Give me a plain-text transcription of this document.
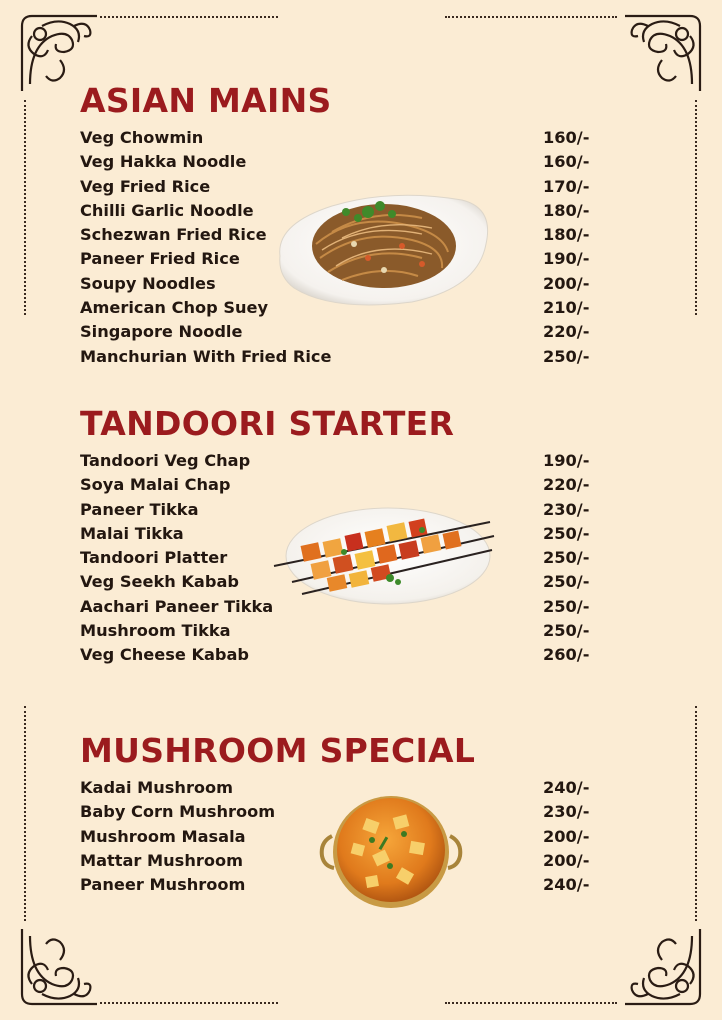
ASIAN MAINS
Veg Chowmin	160/-
Veg Hakka Noodle	160/-
Veg Fried Rice	170/-
Chilli Garlic Noodle	180/-
Schezwan Fried Rice	180/-
Paneer Fried Rice	190/-
Soupy Noodles	200/-
American Chop Suey	210/-
Singapore Noodle	220/-
Manchurian With Fried Rice	250/-
TANDOORI STARTER
Tandoori Veg Chap	190/-
Soya Malai Chap	220/-
Paneer Tikka	230/-
Malai Tikka	250/-
Tandoori Platter	250/-
Veg Seekh Kabab	250/-
Aachari Paneer Tikka	250/-
Mushroom Tikka	250/-
Veg Cheese Kabab	260/-
MUSHROOM SPECIAL
Kadai Mushroom	240/-
Baby Corn Mushroom	230/-
Mushroom Masala	200/-
Mattar Mushroom	200/-
Paneer Mushroom	240/-
